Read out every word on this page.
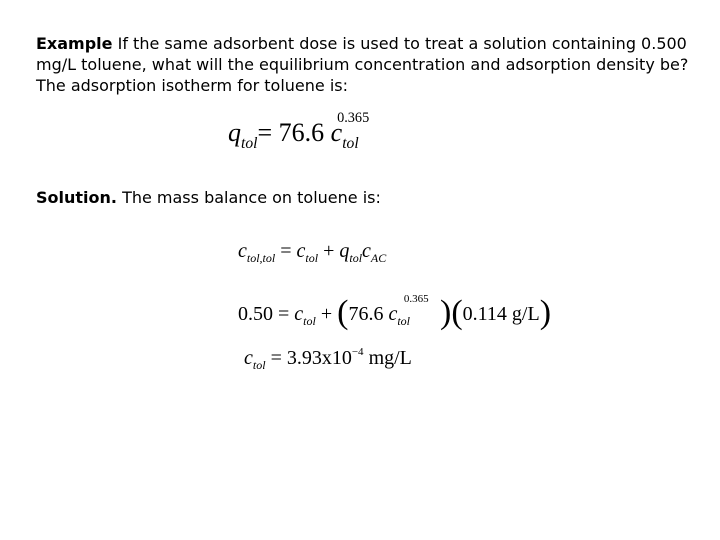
Example If the same adsorbent dose is used to treat a solution containing 0.500 mg/L toluene, what will the equilibrium concentration and adsorption density be? The adsorption isotherm for toluene is:

$q_{tol}= 76.6$ $c_{tol}$
0.365

Solution. The mass balance on toluene is:

$c_{tol,tol} = c_{tol} + q_{tol}c_{AC}$
$0.50 = c_{tol} + (76.6$ $c_{tol}$
0.365 )(0.114 g/L)
$c_{tol} = 3.93x10^{-4}$ mg/L
